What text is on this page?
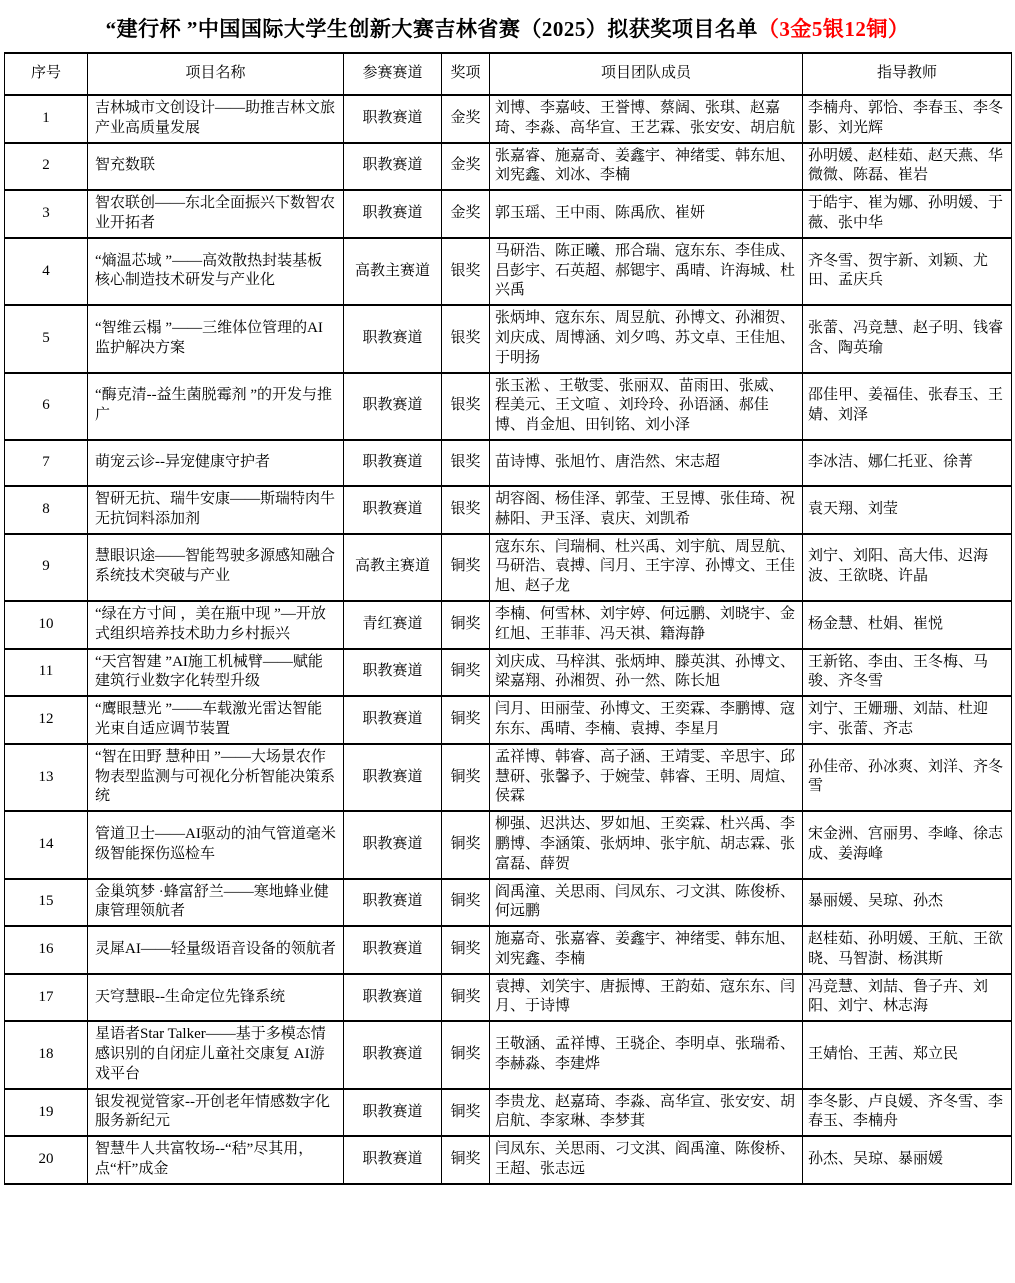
“建行杯 ”中国国际大学生创新大赛吉林省赛（2025）拟获奖项目名单（3金5银12铜）
序号	项目名称	参赛赛道	奖项	项目团队成员	指导教师
1	吉林城市文创设计——助推吉林文旅产业高质量发展	职教赛道	金奖	刘博、李嘉岐、王誉博、蔡阔、张琪、赵嘉琦、李淼、高华宣、王艺霖、张安安、胡启航	李楠舟、郭恰、李春玉、李冬影、刘光辉
2	智充数联	职教赛道	金奖	张嘉睿、施嘉奇、姜鑫宇、神绪雯、韩东旭、刘宪鑫、刘冰、李楠	孙明媛、赵桂茹、赵天燕、华微微、陈磊、崔岩
3	智农联创——东北全面振兴下数智农业开拓者	职教赛道	金奖	郭玉瑶、王中雨、陈禹欣、崔妍	于皓宇、崔为娜、孙明媛、于薇、张中华
4	“熵温芯域 ”——高效散热封装基板核心制造技术研发与产业化	高教主赛道	银奖	马研浩、陈正曦、邢合瑞、寇东东、李佳成、 吕彭宇、石英超、郝锶宇、禹晴、许海城、杜兴禹	齐冬雪、贺宇新、刘颖、尤田、孟庆兵
5	“智维云榻 ”——三维体位管理的AI监护解决方案	职教赛道	银奖	张炳坤、寇东东、周昱航、孙博文、孙湘贺、刘庆成、周博涵、刘夕鸣、苏文卓、王佳旭、于明扬	张蕾、冯竞慧、赵子明、钱睿含、陶英瑜
6	“酶克清--益生菌脱霉剂 ”的开发与推广	职教赛道	银奖	张玉淞 、王敬雯、张丽双、苗雨田、张威、程美元、王文喧 、刘玲玲、孙语涵、郝佳博、肖金旭、田钊铭、刘小泽	邵佳甲、姜福佳、张春玉、王婧、刘泽
7	萌宠云诊--异宠健康守护者	职教赛道	银奖	苗诗博、张旭竹、唐浩然、宋志超	李冰洁、娜仁托亚、徐菁
8	智研无抗、瑞牛安康——斯瑞特肉牛无抗饲料添加剂	职教赛道	银奖	胡容阁、杨佳泽、郭莹、王昱博、张佳琦、祝赫阳、尹玉泽、袁庆、刘凯希	袁天翔、刘莹
9	慧眼识途——智能驾驶多源感知融合系统技术突破与产业	高教主赛道	铜奖	寇东东、闫瑞桐、杜兴禹、刘宇航、周昱航、马研浩、袁搏、闫月、王宇淳、孙博文、王佳旭、赵子龙	刘宁、刘阳、高大伟、迟海波、王欲晓、许晶
10	“绿在方寸间 ，美在瓶中现 ”—开放式组织培养技术助力乡村振兴	青红赛道	铜奖	李楠、何雪林、刘宇婷、何远鹏、刘晓宇、金红旭、王菲菲、冯天祺、籍海静	杨金慧、杜娟、崔悦
11	“天宫智建 ”AI施工机械臂——赋能建筑行业数字化转型升级	职教赛道	铜奖	刘庆成、马梓淇、张炳坤、滕英淇、孙博文、梁嘉翔、孙湘贺、孙一然、陈长旭	王新铭、李由、王冬梅、马骏、齐冬雪
12	“鹰眼慧光 ”——车载激光雷达智能光束自适应调节装置	职教赛道	铜奖	闫月、田丽莹、孙博文、王奕霖、李鹏博、寇东东、禹晴、李楠、袁搏、李星月	刘宁、王姗珊、刘喆、杜迎宇、张蕾、齐志
13	“智在田野 慧种田 ”——大场景农作物表型监测与可视化分析智能决策系统	职教赛道	铜奖	孟祥博、韩睿、高子涵、王靖雯、辛思宇、邱慧研、张馨予、于婉莹、韩睿、王明、周煊、侯霖	孙佳帝、孙冰爽、刘洋、齐冬雪
14	管道卫士——AI驱动的油气管道毫米级智能探伤巡检车	职教赛道	铜奖	柳强、迟洪达、罗如旭、王奕霖、杜兴禹、李鹏博、李涵策、张炳坤、张宇航、胡志霖、张富磊、薛贺	宋金洲、宫丽男、李峰、徐志成、姜海峰
15	金巢筑梦 ·蜂富舒兰——寒地蜂业健康管理领航者	职教赛道	铜奖	阎禹潼、关思雨、闫凤东、刁文淇、陈俊桥、何远鹏	暴丽媛、吴琼、孙杰
16	灵犀AI——轻量级语音设备的领航者	职教赛道	铜奖	施嘉奇、张嘉睿、姜鑫宇、神绪雯、韩东旭、刘宪鑫、李楠	赵桂茹、孙明媛、王航、王欲晓、马智澍、杨淇斯
17	天穹慧眼--生命定位先锋系统	职教赛道	铜奖	袁搏、刘笑宇、唐振博、王韵茹、寇东东、闫月、于诗博	冯竞慧、刘喆、鲁子卉、刘阳、刘宁、林志海
18	星语者Star Talker——基于多模态情感识别的自闭症儿童社交康复 AI游戏平台	职教赛道	铜奖	王敬涵、孟祥博、王骁企、李明卓、张瑞希、李赫淼、李建烨	王婧怡、王茜、郑立民
19	银发视觉管家--开创老年情感数字化服务新纪元	职教赛道	铜奖	李贵龙、赵嘉琦、李淼、高华宣、张安安、胡启航、李家琳、李梦萁	李冬影、卢良媛、齐冬雪、李春玉、李楠舟
20	智慧牛人共富牧场--“秸”尽其用，点“杆”成金	职教赛道	铜奖	闫凤东、关思雨、刁文淇、阎禹潼、陈俊桥、王超、张志远	孙杰、吴琼、暴丽媛
